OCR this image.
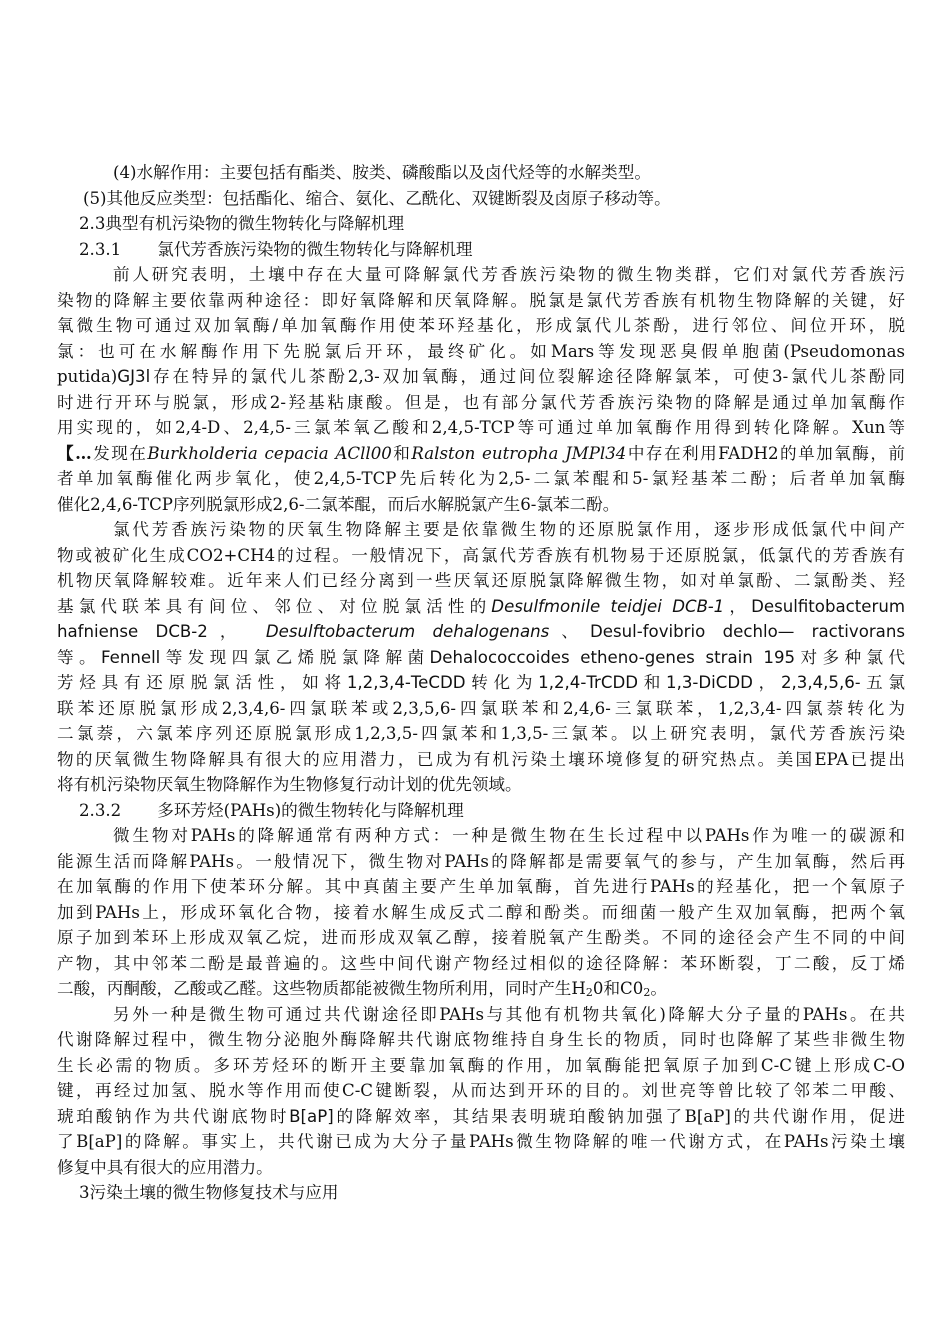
(4)水解作用：主要包括有酯类、胺类、磷酸酯以及卤代烃等的水解类型。
(5)其他反应类型：包括酯化、缩合、氨化、乙酰化、双键断裂及卤原子移动等。
2.3典型有机污染物的微生物转化与降解机理
2.3.1 氯代芳香族污染物的微生物转化与降解机理
前人研究表明，土壤中存在大量可降解氯代芳香族污染物的微生物类群，它们对氯代芳香族污
染物的降解主要依靠两种途径：即好氧降解和厌氧降解。脱氯是氯代芳香族有机物生物降解的关键，好
氧微生物可通过双加氧酶/单加氧酶作用使苯环羟基化，形成氯代儿茶酚，进行邻位、间位开环，脱
氯：也可在水解酶作用下先脱氯后开环，最终矿化。如Mars等发现恶臭假单胞菌(Pseudomonas
putida)GJ3l存在特异的氯代儿茶酚2,3-双加氧酶，通过间位裂解途径降解氯苯，可使3-氯代儿茶酚同
时进行开环与脱氯，形成2-羟基粘康酸。但是，也有部分氯代芳香族污染物的降解是通过单加氧酶作
用实现的，如2,4-D、2,4,5-三氯苯氧乙酸和2,4,5-TCP等可通过单加氧酶作用得到转化降解。Xun等
【…发现在Burkholderia cepacia ACll00和Ralston eutropha JMPl34中存在利用FADH2的单加氧酶，前
者单加氧酶催化两步氧化，使2,4,5-TCP先后转化为2,5-二氯苯醌和5-氯羟基苯二酚；后者单加氧酶
催化2,4,6-TCP序列脱氯形成2,6-二氯苯醌，而后水解脱氯产生6-氯苯二酚。
氯代芳香族污染物的厌氧生物降解主要是依靠微生物的还原脱氯作用，逐步形成低氯代中间产
物或被矿化生成CO2+CH4的过程。一般情况下，高氯代芳香族有机物易于还原脱氯，低氯代的芳香族有
机物厌氧降解较难。近年来人们已经分离到一些厌氧还原脱氯降解微生物，如对单氯酚、二氯酚类、羟
基氯代联苯具有间位、邻位、对位脱氯活性的Desulfmonile teidjei DCB-1，Desulfitobacterum
hafniense DCB-2， Desulftobacterum dehalogenans、Desul-fovibrio dechlo— ractivorans
等。Fennell等发现四氯乙烯脱氯降解菌Dehalococcoides etheno-genes strain 195对多种氯代
芳烃具有还原脱氯活性，如将1,2,3,4-TeCDD转化为1,2,4-TrCDD和1,3-DiCDD，2,3,4,5,6-五氯
联苯还原脱氯形成2,3,4,6-四氯联苯或2,3,5,6-四氯联苯和2,4,6-三氯联苯，1,2,3,4-四氯萘转化为
二氯萘，六氯苯序列还原脱氯形成1,2,3,5-四氯苯和1,3,5-三氯苯。以上研究表明，氯代芳香族污染
物的厌氧微生物降解具有很大的应用潜力，已成为有机污染土壤环境修复的研究热点。美国EPA已提出
将有机污染物厌氧生物降解作为生物修复行动计划的优先领域。
2.3.2 多环芳烃(PAHs)的微生物转化与降解机理
微生物对PAHs的降解通常有两种方式：一种是微生物在生长过程中以PAHs作为唯一的碳源和
能源生活而降解PAHs。一般情况下，微生物对PAHs的降解都是需要氧气的参与，产生加氧酶，然后再
在加氧酶的作用下使苯环分解。其中真菌主要产生单加氧酶，首先进行PAHs的羟基化，把一个氧原子
加到PAHs上，形成环氧化合物，接着水解生成反式二醇和酚类。而细菌一般产生双加氧酶，把两个氧
原子加到苯环上形成双氧乙烷，进而形成双氧乙醇，接着脱氧产生酚类。不同的途径会产生不同的中间
产物，其中邻苯二酚是最普遍的。这些中间代谢产物经过相似的途径降解：苯环断裂，丁二酸，反丁烯
二酸，丙酮酸，乙酸或乙醛。这些物质都能被微生物所利用，同时产生$H_20$和$C0_2$。
另外一种是微生物可通过共代谢途径即PAHs与其他有机物共氧化)降解大分子量的PAHs。在共
代谢降解过程中，微生物分泌胞外酶降解共代谢底物维持自身生长的物质，同时也降解了某些非微生物
生长必需的物质。多环芳烃环的断开主要靠加氧酶的作用，加氧酶能把氧原子加到C-C键上形成C-O
键，再经过加氢、脱水等作用而使C-C键断裂，从而达到开环的目的。刘世亮等曾比较了邻苯二甲酸、
琥珀酸钠作为共代谢底物时B[aP]的降解效率，其结果表明琥珀酸钠加强了B[aP]的共代谢作用，促进
了B[aP]的降解。事实上，共代谢已成为大分子量PAHs微生物降解的唯一代谢方式，在PAHs污染土壤
修复中具有很大的应用潜力。
3污染土壤的微生物修复技术与应用
